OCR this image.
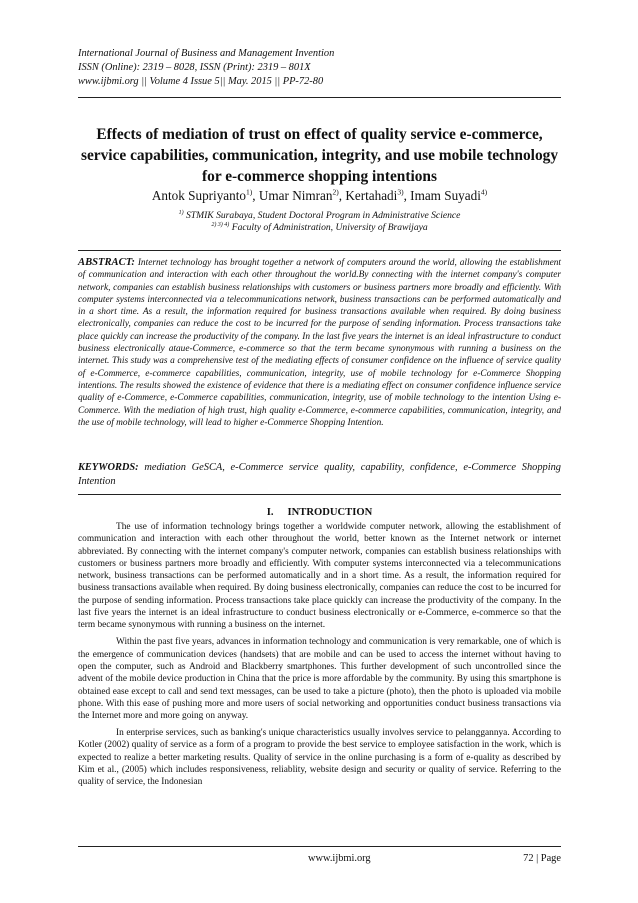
International Journal of Business and Management Invention
ISSN (Online): 2319 – 8028, ISSN (Print): 2319 – 801X
www.ijbmi.org || Volume 4 Issue 5|| May. 2015 || PP-72-80
Effects of mediation of trust on effect of quality service e-commerce, service capabilities, communication, integrity, and use mobile technology for e-commerce shopping intentions
Antok Supriyanto$^{1)}$, Umar Nimran$^{2)}$, Kertahadi$^{3)}$, Imam Suyadi$^{4)}$
$^{1)}$ STMIK Surabaya, Student Doctoral Program in Administrative Science
$^{2) 3) 4)}$ Faculty of Administration, University of Brawijaya
ABSTRACT: Internet technology has brought together a network of computers around the world, allowing the establishment of communication and interaction with each other throughout the world.By connecting with the internet company's computer network, companies can establish business relationships with customers or business partners more broadly and efficiently. With computer systems interconnected via a telecommunications network, business transactions can be performed automatically and in a short time. As a result, the information required for business transactions available when required. By doing business electronically, companies can reduce the cost to be incurred for the purpose of sending information. Process transactions take place quickly can increase the productivity of the company. In the last five years the internet is an ideal infrastructure to conduct business electronically ataue-Commerce, e-commerce so that the term became synonymous with running a business on the internet. This study was a comprehensive test of the mediating effects of consumer confidence on the influence of service quality of e-Commerce, e-commerce capabilities, communication, integrity, use of mobile technology for e-Commerce Shopping intentions. The results showed the existence of evidence that there is a mediating effect on consumer confidence influence service quality of e-Commerce, e-Commerce capabilities, communication, integrity, use of mobile technology to the intention Using e-Commerce. With the mediation of high trust, high quality e-Commerce, e-commerce capabilities, communication, integrity, and the use of mobile technology, will lead to higher e-Commerce Shopping Intention.
KEYWORDS: mediation GeSCA, e-Commerce service quality, capability, confidence, e-Commerce Shopping Intention
I. INTRODUCTION

The use of information technology brings together a worldwide computer network, allowing the establishment of communication and interaction with each other throughout the world, better known as the Internet network or internet abbreviated. By connecting with the internet company's computer network, companies can establish business relationships with customers or business partners more broadly and efficiently. With computer systems interconnected via a telecommunications network, business transactions can be performed automatically and in a short time. As a result, the information required for business transactions available when required. By doing business electronically, companies can reduce the cost to be incurred for the purpose of sending information. Process transactions take place quickly can increase the productivity of the company. In the last five years the internet is an ideal infrastructure to conduct business electronically or e-Commerce, e-commerce so that the term became synonymous with running a business on the internet.

Within the past five years, advances in information technology and communication is very remarkable, one of which is the emergence of communication devices (handsets) that are mobile and can be used to access the internet without having to open the computer, such as Android and Blackberry smartphones. This further development of such uncontrolled since the advent of the mobile device production in China that the price is more affordable by the community. By using this smartphone is obtained ease except to call and send text messages, can be used to take a picture (photo), then the photo is uploaded via mobile phone. With this ease of pushing more and more users of social networking and opportunities conduct business transactions via the Internet more and more going on anyway.

In enterprise services, such as banking's unique characteristics usually involves service to pelanggannya. According to Kotler (2002) quality of service as a form of a program to provide the best service to employee satisfaction in the work, which is expected to realize a better marketing results. Quality of service in the online purchasing is a form of e-quality as described by Kim et al., (2005) which includes responsiveness, reliablity, website design and security or quality of service. Referring to the quality of service, the Indonesian

www.ijbmi.org	72 | Page
